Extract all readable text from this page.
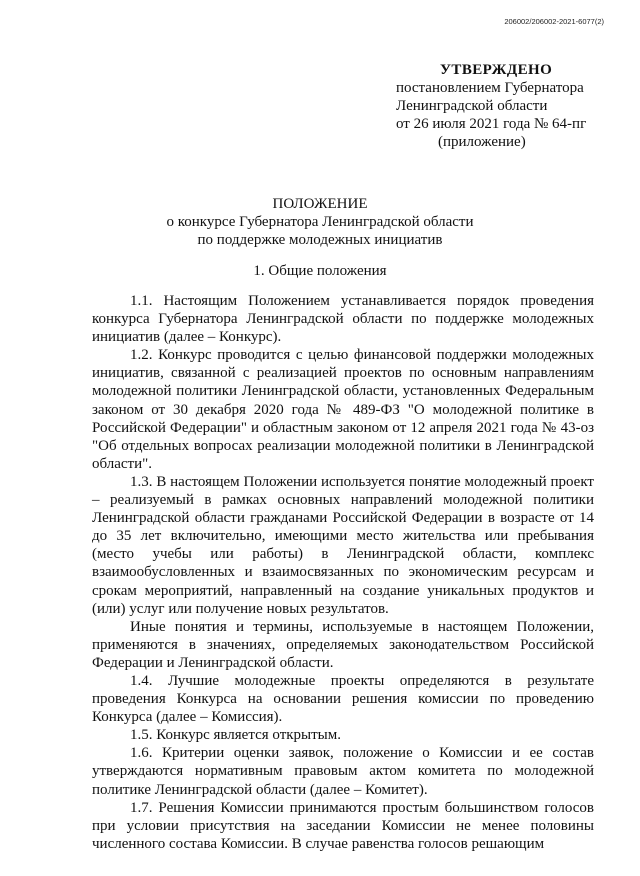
206002/206002-2021-6077(2)
УТВЕРЖДЕНО
постановлением Губернатора
Ленинградской области
от 26 июля 2021 года № 64-пг
(приложение)
ПОЛОЖЕНИЕ
о конкурсе Губернатора Ленинградской области
по поддержке молодежных инициатив
1. Общие положения

1.1. Настоящим Положением устанавливается порядок проведения конкурса Губернатора Ленинградской области по поддержке молодежных инициатив (далее – Конкурс).

1.2. Конкурс проводится с целью финансовой поддержки молодежных инициатив, связанной с реализацией проектов по основным направлениям молодежной политики Ленинградской области, установленных Федеральным законом от 30 декабря 2020 года № 489-ФЗ "О молодежной политике в Российской Федерации" и областным законом от 12 апреля 2021 года № 43-оз "Об отдельных вопросах реализации молодежной политики в Ленинградской области".

1.3. В настоящем Положении используется понятие молодежный проект – реализуемый в рамках основных направлений молодежной политики Ленинградской области гражданами Российской Федерации в возрасте от 14 до 35 лет включительно, имеющими место жительства или пребывания (место учебы или работы) в Ленинградской области, комплекс взаимообусловленных и взаимосвязанных по экономическим ресурсам и срокам мероприятий, направленный на создание уникальных продуктов и (или) услуг или получение новых результатов.

Иные понятия и термины, используемые в настоящем Положении, применяются в значениях, определяемых законодательством Российской Федерации и Ленинградской области.

1.4. Лучшие молодежные проекты определяются в результате проведения Конкурса на основании решения комиссии по проведению Конкурса (далее – Комиссия).

1.5. Конкурс является открытым.

1.6. Критерии оценки заявок, положение о Комиссии и ее состав утверждаются нормативным правовым актом комитета по молодежной политике Ленинградской области (далее – Комитет).

1.7. Решения Комиссии принимаются простым большинством голосов при условии присутствия на заседании Комиссии не менее половины численного состава Комиссии. В случае равенства голосов решающим
